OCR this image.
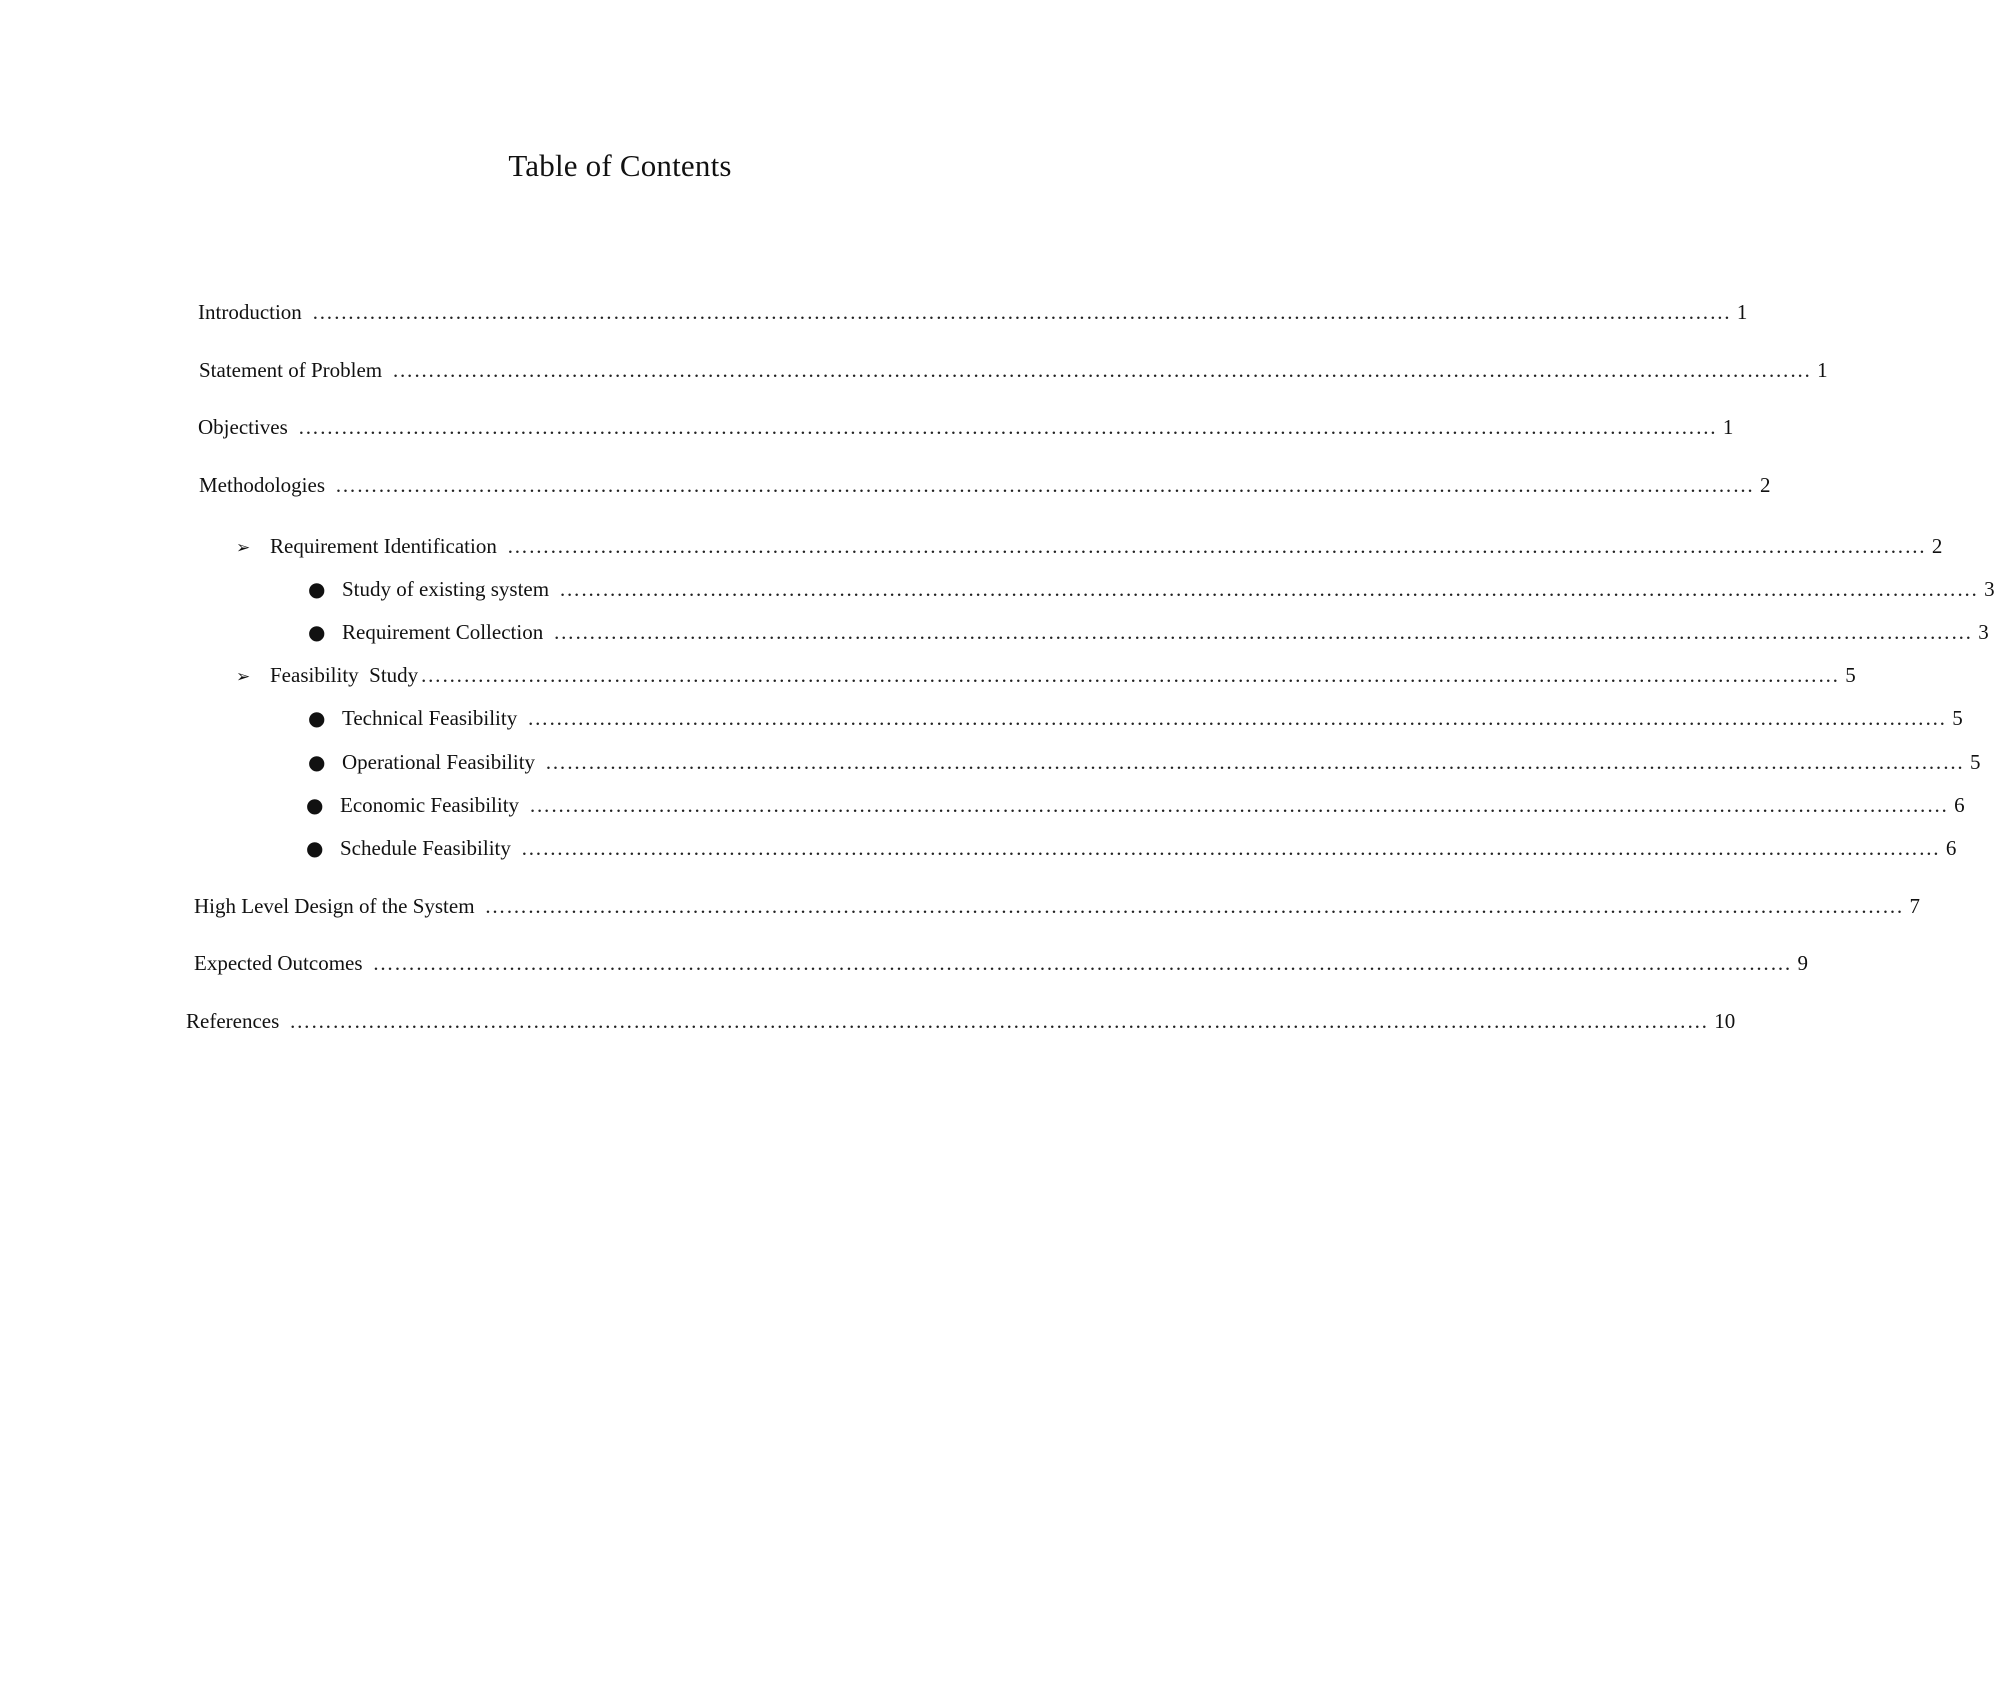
Table of Contents
Introduction ……………………………………………………………………………………………………………………………………………………………………………… 1
Statement of Problem ……………………………………………………………………………………………………………………………………………………………………………… 1
Objectives ……………………………………………………………………………………………………………………………………………………………………………… 1
Methodologies ……………………………………………………………………………………………………………………………………………………………………………… 2
➢ Requirement Identification ……………………………………………………………………………………………………………………………………………………………………………… 2
● Study of existing system ……………………………………………………………………………………………………………………………………………………………………………… 3
● Requirement Collection ……………………………………………………………………………………………………………………………………………………………………………… 3
➢ Feasibility  Study ……………………………………………………………………………………………………………………………………………………………………………… 5
● Technical Feasibility ……………………………………………………………………………………………………………………………………………………………………………… 5
● Operational Feasibility ……………………………………………………………………………………………………………………………………………………………………………… 5
● Economic Feasibility ……………………………………………………………………………………………………………………………………………………………………………… 6
● Schedule Feasibility ……………………………………………………………………………………………………………………………………………………………………………… 6
High Level Design of the System ……………………………………………………………………………………………………………………………………………………………………………… 7
Expected Outcomes ……………………………………………………………………………………………………………………………………………………………………………… 9
References ……………………………………………………………………………………………………………………………………………………………………………… 10
